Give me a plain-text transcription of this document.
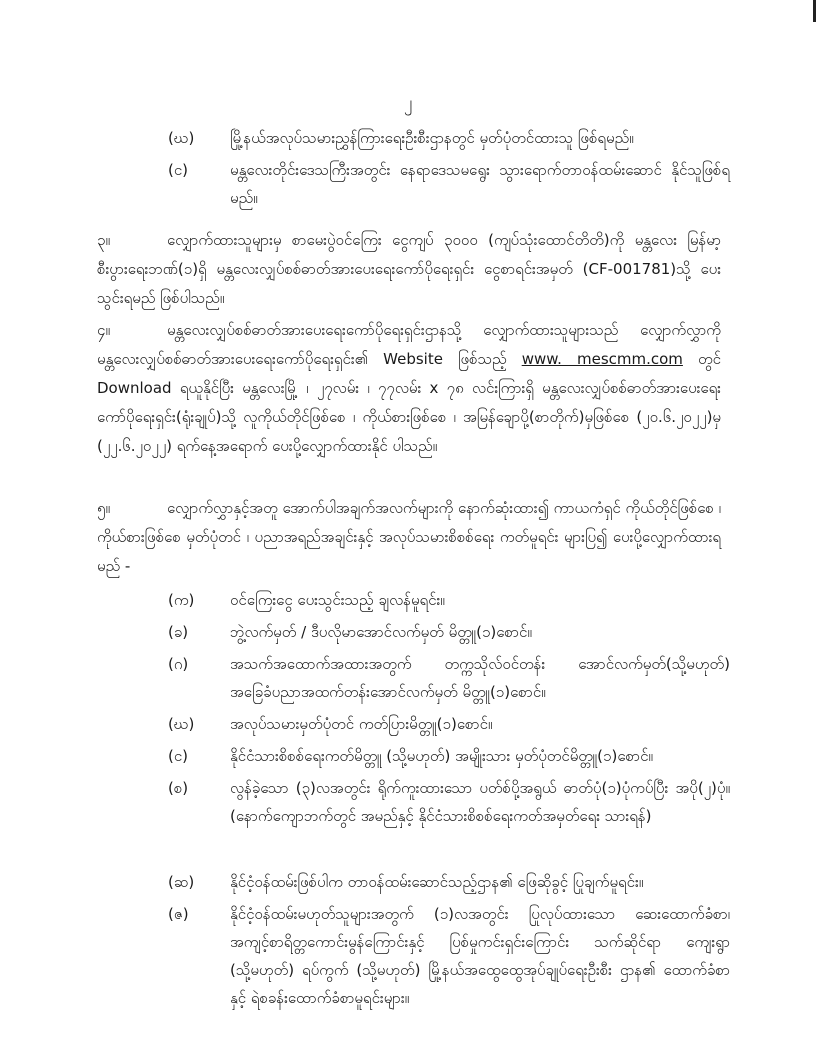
၂
(ဃ)	မြို့နယ်အလုပ်သမားညွှန်ကြားရေးဦးစီးဌာနတွင် မှတ်ပုံတင်ထားသူ ဖြစ်ရမည်။
(င)	မန္တလေးတိုင်းဒေသကြီးအတွင်း နေရာဒေသမရွေး သွားရောက်တာဝန်ထမ်းဆောင် နိုင်သူဖြစ်ရမည်။
၃။	လျှောက်ထားသူများမှ စာမေးပွဲဝင်ကြေး ငွေကျပ် ၃၀၀၀ (ကျပ်သုံးထောင်တိတိ)ကို မန္တလေး မြန်မာ့စီးပွားရေးဘဏ်(၁)ရှိ မန္တလေးလျှပ်စစ်ဓာတ်အားပေးရေးကော်ပိုရေးရှင်း ငွေစာရင်းအမှတ် (CF-001781)သို့ ပေးသွင်းရမည် ဖြစ်ပါသည်။
၄။	မန္တလေးလျှပ်စစ်ဓာတ်အားပေးရေးကော်ပိုရေးရှင်းဌာနသို့ လျှောက်ထားသူများသည် လျှောက်လွှာကို မန္တလေးလျှပ်စစ်ဓာတ်အားပေးရေးကော်ပိုရေးရှင်း၏ Website ဖြစ်သည့် www. mescmm.com တွင် Download ရယူနိုင်ပြီး မန္တလေးမြို့ ၊ ၂၇လမ်း ၊ ၇၇လမ်း x ၇၈ လင်းကြားရှိ မန္တလေးလျှပ်စစ်ဓာတ်အားပေးရေးကော်ပိုရေးရှင်း(ရုံးချုပ်)သို့ လူကိုယ်တိုင်ဖြစ်စေ ၊ ကိုယ်စားဖြစ်စေ ၊ အမြန်ချောပို့(စာတိုက်)မှဖြစ်စေ (၂၀.၆.၂၀၂၂)မှ (၂၂.၆.၂၀၂၂) ရက်နေ့အရောက် ပေးပို့လျှောက်ထားနိုင် ပါသည်။
၅။	လျှောက်လွှာနှင့်အတူ အောက်ပါအချက်အလက်များကို နောက်ဆုံးထား၍ ကာယကံရှင် ကိုယ်တိုင်ဖြစ်စေ ၊ ကိုယ်စားဖြစ်စေ မှတ်ပုံတင် ၊ ပညာအရည်အချင်းနှင့် အလုပ်သမားစိစစ်ရေး ကတ်မူရင်း များပြ၍ ပေးပို့လျှောက်ထားရမည် -
(က)	ဝင်ကြေးငွေ ပေးသွင်းသည့် ချလန်မူရင်း။
(ခ)	ဘွဲ့လက်မှတ် / ဒီပလိုမာအောင်လက်မှတ် မိတ္တူ(၁)စောင်။
(ဂ)	အသက်အထောက်အထားအတွက် တက္ကသိုလ်ဝင်တန်း အောင်လက်မှတ်(သို့မဟုတ်) အခြေခံပညာအထက်တန်းအောင်လက်မှတ် မိတ္တူ(၁)စောင်။
(ဃ)	အလုပ်သမားမှတ်ပုံတင် ကတ်ပြားမိတ္တူ(၁)စောင်။
(င)	နိုင်ငံသားစိစစ်ရေးကတ်မိတ္တူ (သို့မဟုတ်) အမျိုးသား မှတ်ပုံတင်မိတ္တူ(၁)စောင်။
(စ)	လွန်ခဲ့သော (၃)လအတွင်း ရိုက်ကူးထားသော ပတ်စ်ပို့အရွယ် ဓာတ်ပုံ(၁)ပုံကပ်ပြီး အပို(၂)ပုံ။(နောက်ကျောဘက်တွင် အမည်နှင့် နိုင်ငံသားစိစစ်ရေးကတ်အမှတ်ရေး သားရန်)
(ဆ)	နိုင်ငံ့ဝန်ထမ်းဖြစ်ပါက တာဝန်ထမ်းဆောင်သည့်ဌာန၏ ဖြေဆိုခွင့် ပြုချက်မူရင်း။
(ဇ)	နိုင်ငံ့ဝန်ထမ်းမဟုတ်သူများအတွက် (၁)လအတွင်း ပြုလုပ်ထားသော ဆေးထောက်ခံစာ၊ အကျင့်စာရိတ္တကောင်းမွန်ကြောင်းနှင့် ပြစ်မှုကင်းရှင်းကြောင်း သက်ဆိုင်ရာ ကျေးရွာ (သို့မဟုတ်) ရပ်ကွက် (သို့မဟုတ်) မြို့နယ်အထွေထွေအုပ်ချုပ်ရေးဦးစီး ဌာန၏ ထောက်ခံစာနှင့် ရဲစခန်းထောက်ခံစာမူရင်းများ။
